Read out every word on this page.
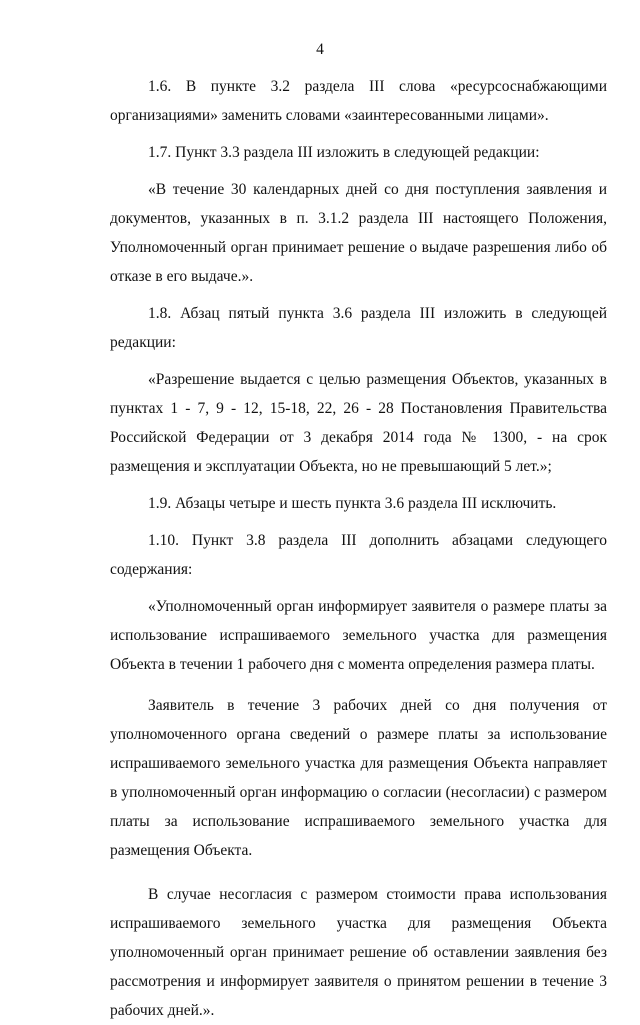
4

1.6. В пункте 3.2 раздела III слова «ресурсоснабжающими организациями» заменить словами «заинтересованными лицами».

1.7. Пункт 3.3 раздела III изложить в следующей редакции:

«В течение 30 календарных дней со дня поступления заявления и документов, указанных в п. 3.1.2 раздела III настоящего Положения, Уполномоченный орган принимает решение о выдаче разрешения либо об отказе в его выдаче.».

1.8. Абзац пятый пункта 3.6 раздела III изложить в следующей редакции:

«Разрешение выдается с целью размещения Объектов, указанных в пунктах 1 - 7, 9 - 12, 15-18, 22, 26 - 28 Постановления Правительства Российской Федерации от 3 декабря 2014 года № 1300, - на срок размещения и эксплуатации Объекта, но не превышающий 5 лет.»;

1.9. Абзацы четыре и шесть пункта 3.6 раздела III исключить.

1.10. Пункт 3.8 раздела III дополнить абзацами следующего содержания:

«Уполномоченный орган информирует заявителя о размере платы за использование испрашиваемого земельного участка для размещения Объекта в течении 1 рабочего дня с момента определения размера платы.

Заявитель в течение 3 рабочих дней со дня получения от уполномоченного органа сведений о размере платы за использование испрашиваемого земельного участка для размещения Объекта направляет в уполномоченный орган информацию о согласии (несогласии) с размером платы за использование испрашиваемого земельного участка для размещения Объекта.

В случае несогласия с размером стоимости права использования испрашиваемого земельного участка для размещения Объекта уполномоченный орган принимает решение об оставлении заявления без рассмотрения и информирует заявителя о принятом решении в течение 3 рабочих дней.».
